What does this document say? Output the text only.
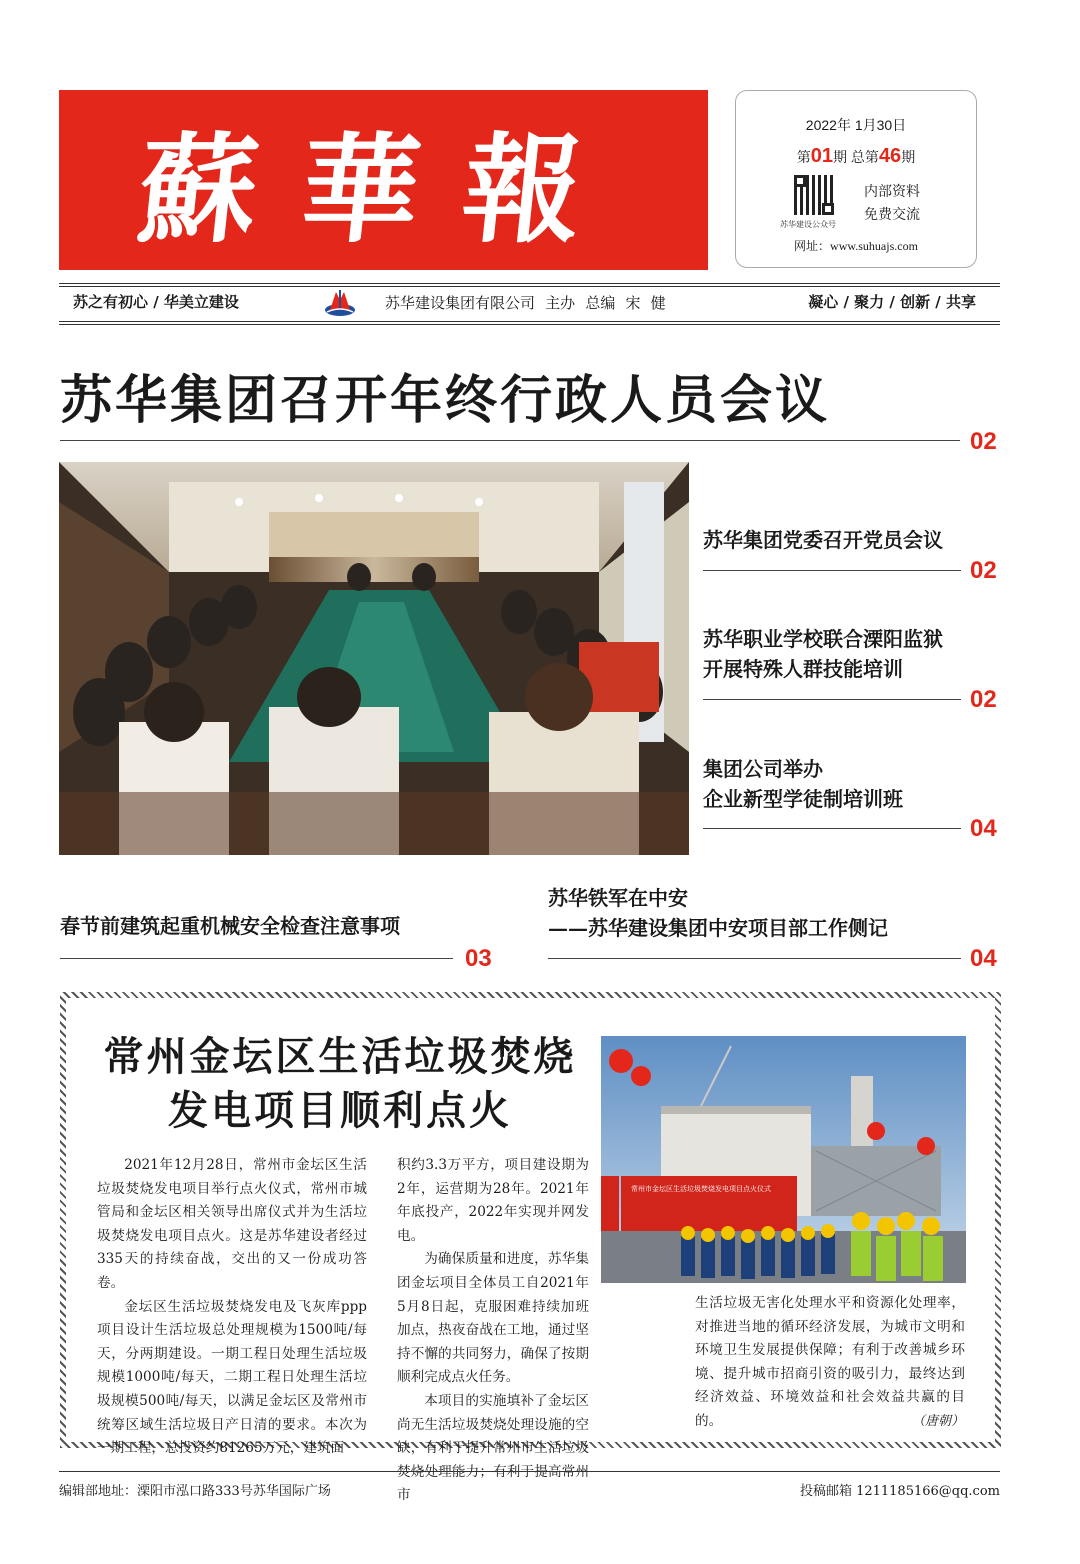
蘇華報	2022年 1月30日
第01期 总第46期
苏华建设公众号
内部资料
免费交流
网址：www.suhuajs.com
苏之有初心 / 华美立建设	苏华建设集团有限公司 主办 总编 宋 健	凝心 / 聚力 / 创新 / 共享
苏华集团召开年终行政人员会议
02
苏华集团党委召开党员会议
02
苏华职业学校联合溧阳监狱
开展特殊人群技能培训
02
集团公司举办
企业新型学徒制培训班
04
春节前建筑起重机械安全检查注意事项
03
苏华铁军在中安
——苏华建设集团中安项目部工作侧记
04
常州金坛区生活垃圾焚烧
发电项目顺利点火

2021年12月28日，常州市金坛区生活垃圾焚烧发电项目举行点火仪式，常州市城管局和金坛区相关领导出席仪式并为生活垃圾焚烧发电项目点火。这是苏华建设者经过335天的持续奋战，交出的又一份成功答卷。

金坛区生活垃圾焚烧发电及飞灰库ppp项目设计生活垃圾总处理规模为1500吨/每天，分两期建设。一期工程日处理生活垃圾规模1000吨/每天，二期工程日处理生活垃圾规模500吨/每天，以满足金坛区及常州市统筹区域生活垃圾日产日清的要求。本次为一期工程，总投资约81265万元，建筑面

积约3.3万平方，项目建设期为2年，运营期为28年。2021年年底投产，2022年实现并网发电。

为确保质量和进度，苏华集团金坛项目全体员工自2021年5月8日起，克服困难持续加班加点，热夜奋战在工地，通过坚持不懈的共同努力，确保了按期顺利完成点火任务。

本项目的实施填补了金坛区尚无生活垃圾焚烧处理设施的空缺，有利于提升常州市生活垃圾焚烧处理能力；有利于提高常州市

常州市金坛区生活垃圾焚烧发电项目点火仪式

生活垃圾无害化处理水平和资源化处理率，对推进当地的循环经济发展，为城市文明和环境卫生发展提供保障；有利于改善城乡环境、提升城市招商引资的吸引力，最终达到经济效益、环境效益和社会效益共赢的目的。	（唐朝）
编辑部地址：溧阳市泓口路333号苏华国际广场	投稿邮箱 1211185166@qq.com
